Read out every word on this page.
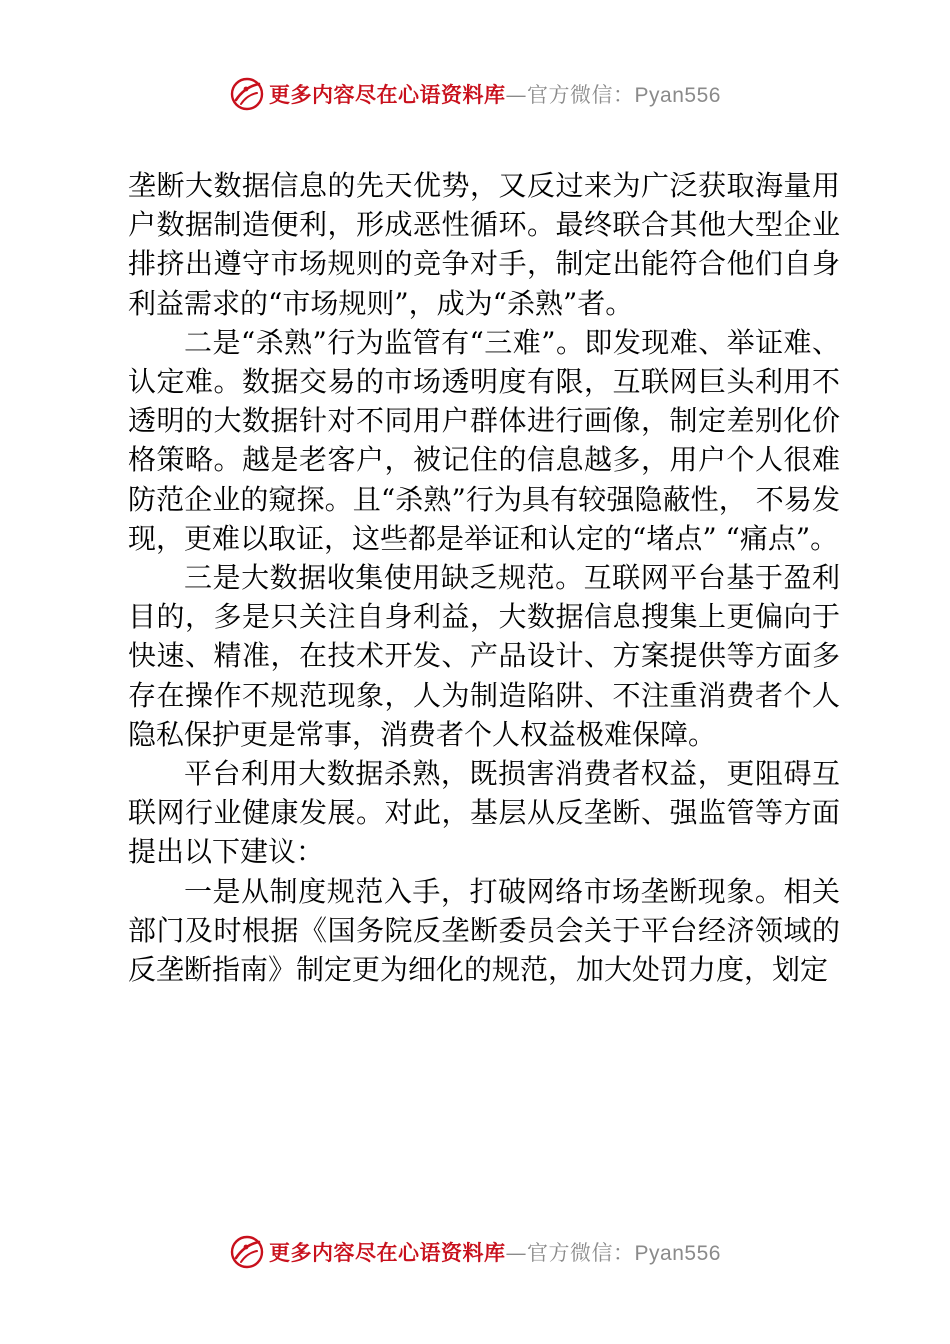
更多内容尽在心语资料库—官方微信：Pyan556

垄断大数据信息的先天优势，又反过来为广泛获取海量用户数据制造便利，形成恶性循环。最终联合其他大型企业排挤出遵守市场规则的竞争对手，制定出能符合他们自身利益需求的“市场规则”，成为“杀熟”者。

二是“杀熟”行为监管有“三难”。即发现难、举证难、认定难。数据交易的市场透明度有限，互联网巨头利用不透明的大数据针对不同用户群体进行画像，制定差别化价格策略。越是老客户，被记住的信息越多，用户个人很难防范企业的窥探。且“杀熟”行为具有较强隐蔽性， 不易发现，更难以取证，这些都是举证和认定的“堵点” “痛点”。

三是大数据收集使用缺乏规范。互联网平台基于盈利目的，多是只关注自身利益，大数据信息搜集上更偏向于快速、精准，在技术开发、产品设计、方案提供等方面多存在操作不规范现象，人为制造陷阱、不注重消费者个人隐私保护更是常事，消费者个人权益极难保障。

平台利用大数据杀熟，既损害消费者权益，更阻碍互联网行业健康发展。对此，基层从反垄断、强监管等方面提出以下建议：

一是从制度规范入手，打破网络市场垄断现象。相关部门及时根据《国务院反垄断委员会关于平台经济领域的反垄断指南》制定更为细化的规范，加大处罚力度，划定

更多内容尽在心语资料库—官方微信：Pyan556
